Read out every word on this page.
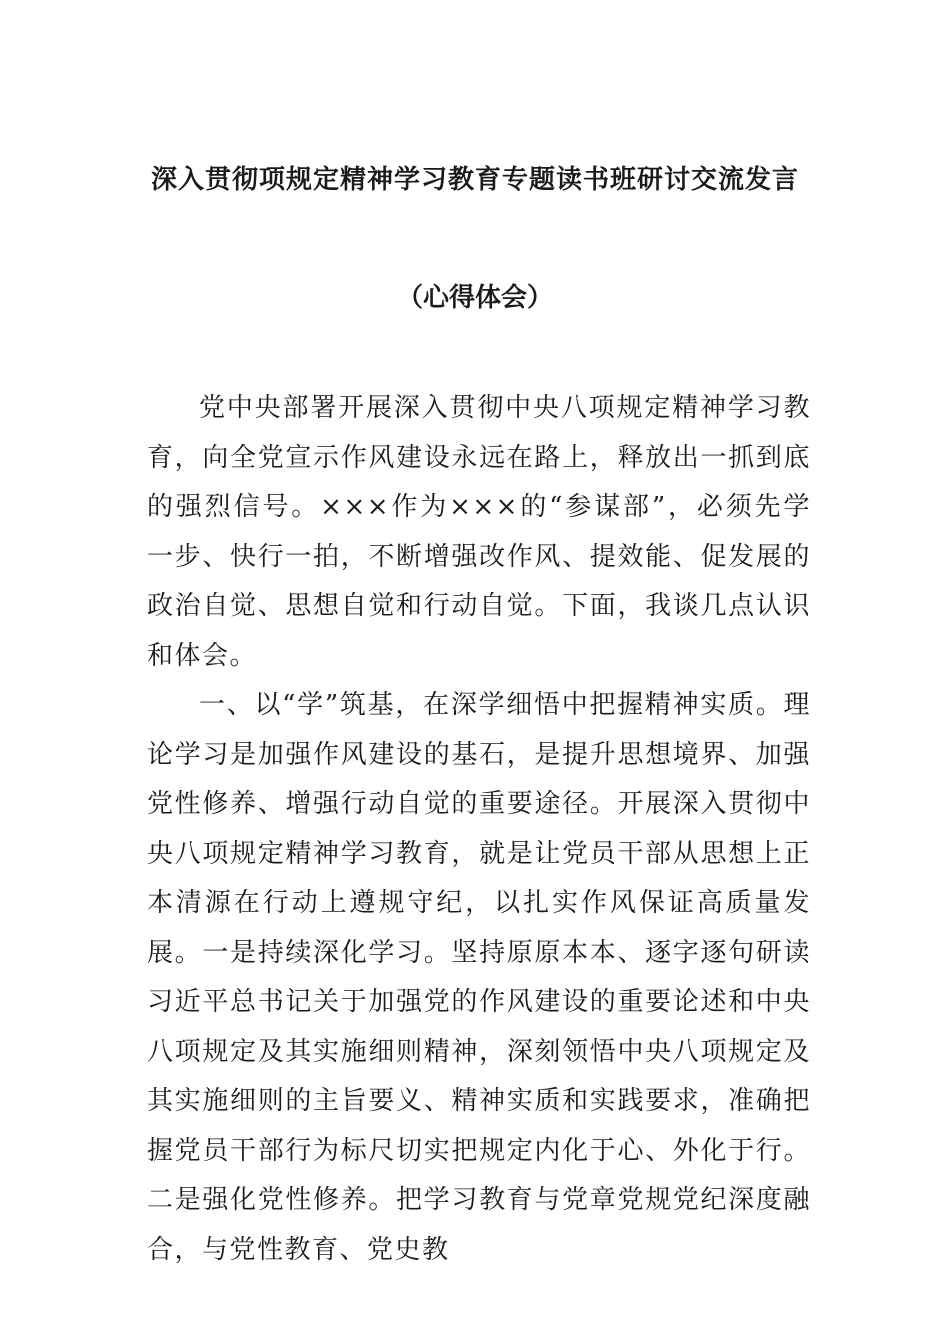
深入贯彻项规定精神学习教育专题读书班研讨交流发言
（心得体会）

党中央部署开展深入贯彻中央八项规定精神学习教育，向全党宣示作风建设永远在路上，释放出一抓到底的强烈信号。×××作为×××的“参谋部”，必须先学一步、快行一拍，不断增强改作风、提效能、促发展的政治自觉、思想自觉和行动自觉。下面，我谈几点认识和体会。

一、以“学”筑基，在深学细悟中把握精神实质。理论学习是加强作风建设的基石，是提升思想境界、加强党性修养、增强行动自觉的重要途径。开展深入贯彻中央八项规定精神学习教育，就是让党员干部从思想上正本清源在行动上遵规守纪，以扎实作风保证高质量发展。一是持续深化学习。坚持原原本本、逐字逐句研读习近平总书记关于加强党的作风建设的重要论述和中央八项规定及其实施细则精神，深刻领悟中央八项规定及其实施细则的主旨要义、精神实质和实践要求，准确把握党员干部行为标尺切实把规定内化于心、外化于行。二是强化党性修养。把学习教育与党章党规党纪深度融合，与党性教育、党史教
